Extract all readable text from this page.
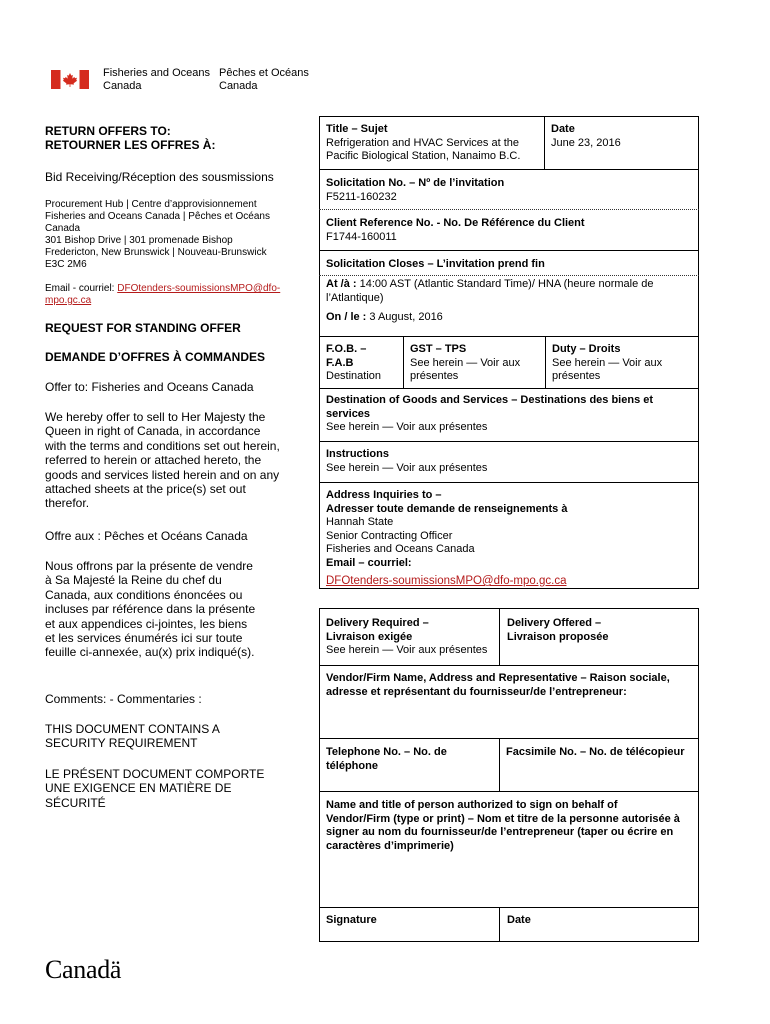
Fisheries and Oceans
Canada
Pêches et Océans
Canada
RETURN OFFERS TO:
RETOURNER LES OFFRES À:
Bid Receiving/Réception des sousmissions
Procurement Hub | Centre d’approvisionnement
Fisheries and Oceans Canada | Pêches et Océans
Canada
301 Bishop Drive | 301 promenade Bishop
Fredericton, New Brunswick | Nouveau-Brunswick
E3C 2M6
Email - courriel: DFOtenders-soumissionsMPO@dfo-
mpo.gc.ca
REQUEST FOR STANDING OFFER
DEMANDE D’OFFRES À COMMANDES
Offer to: Fisheries and Oceans Canada
We hereby offer to sell to Her Majesty the
Queen in right of Canada, in accordance
with the terms and conditions set out herein,
referred to herein or attached hereto, the
goods and services listed herein and on any
attached sheets at the price(s) set out
therefor.
Offre aux : Pêches et Océans Canada
Nous offrons par la présente de vendre
à Sa Majesté la Reine du chef du
Canada, aux conditions énoncées ou
incluses par référence dans la présente
et aux appendices ci-jointes, les biens
et les services énumérés ici sur toute
feuille ci-annexée, au(x) prix indiqué(s).
Comments: - Commentaries :
THIS DOCUMENT CONTAINS A
SECURITY REQUIREMENT
LE PRÉSENT DOCUMENT COMPORTE
UNE EXIGENCE EN MATIÈRE DE
SÉCURITÉ
Title – Sujet
Refrigeration and HVAC Services at the
Pacific Biological Station, Nanaimo B.C.
Date
June 23, 2016
Solicitation No. – Nº de l’invitation
F5211-160232
Client Reference No. - No. De Référence du Client
F1744-160011
Solicitation Closes – L’invitation prend fin
At /à : 14:00 AST (Atlantic Standard Time)/ HNA (heure normale de
l’Atlantique)
On / le : 3 August, 2016
F.O.B. –
F.A.B
Destination
GST – TPS
See herein — Voir aux
présentes
Duty – Droits
See herein — Voir aux
présentes
Destination of Goods and Services – Destinations des biens et
services
See herein — Voir aux présentes
Instructions
See herein — Voir aux présentes
Address Inquiries to –
Adresser toute demande de renseignements à
Hannah State
Senior Contracting Officer
Fisheries and Oceans Canada
Email – courriel:
DFOtenders-soumissionsMPO@dfo-mpo.gc.ca
Delivery Required –
Livraison exigée
See herein — Voir aux présentes
Delivery Offered –
Livraison proposée
Vendor/Firm Name, Address and Representative – Raison sociale,
adresse et représentant du fournisseur/de l’entrepreneur:
Telephone No. – No. de
téléphone
Facsimile No. – No. de télécopieur
Name and title of person authorized to sign on behalf of
Vendor/Firm (type or print) – Nom et titre de la personne autorisée à
signer au nom du fournisseur/de l’entrepreneur (taper ou écrire en
caractères d’imprimerie)
Signature	Date
Canadä
